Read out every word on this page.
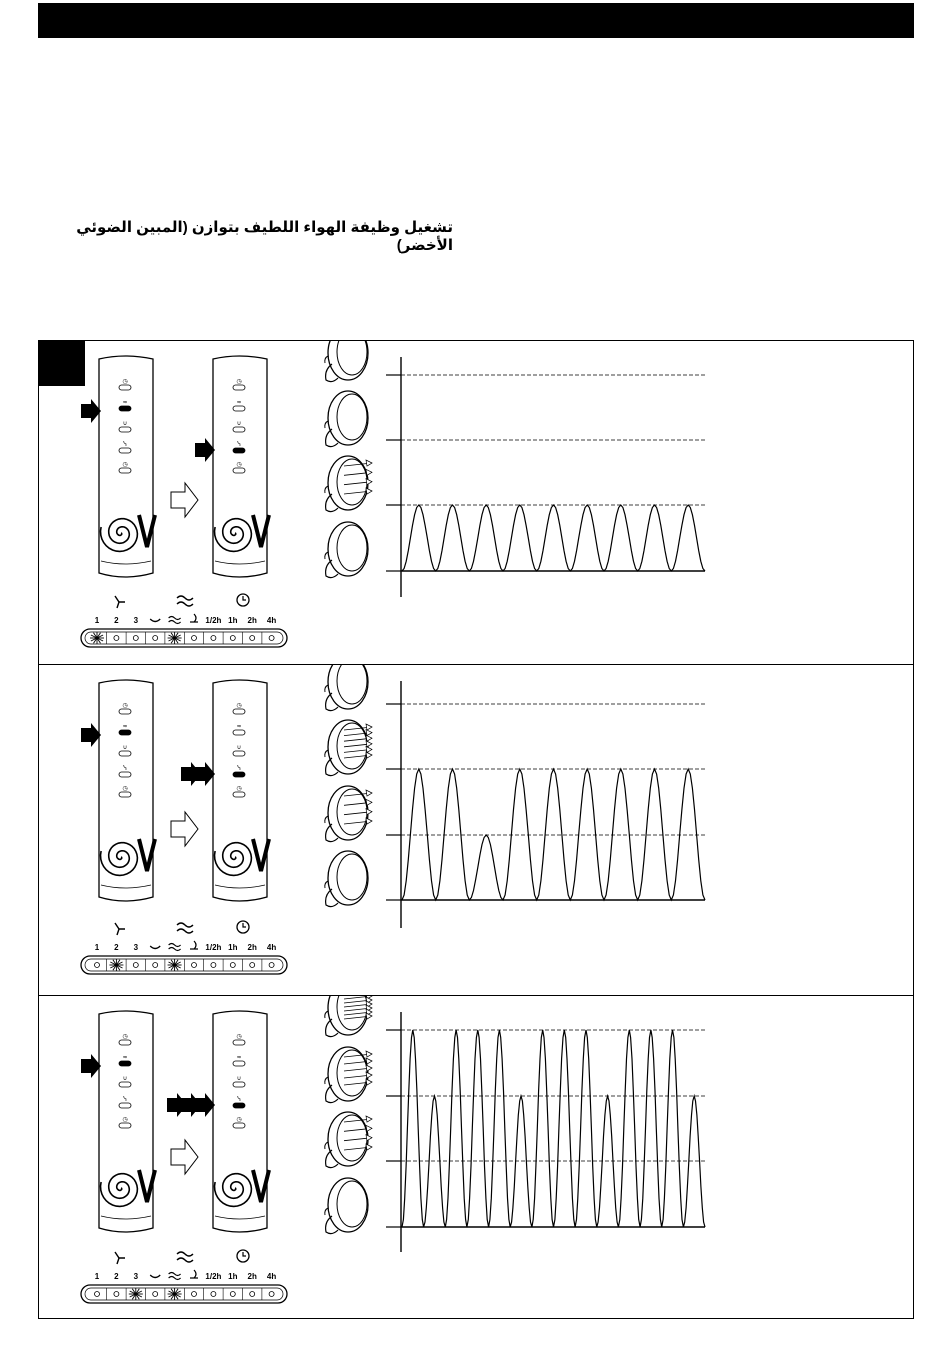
تشغيل وظيفة الهواء اللطيف بتوازن (المبين الضوئي الأخضر)
◷
≈
∪
ᓭ
◷
◷
≈
∪
ᓭ
◷
1 2 3	1/2h 1h 2h 4h
◷
≈
∪
ᓭ
◷
◷
≈
∪
ᓭ
◷
1 2 3	1/2h 1h 2h 4h
◷
≈
∪
ᓭ
◷
◷
≈
∪
ᓭ
◷
1 2 3	1/2h 1h 2h 4h
